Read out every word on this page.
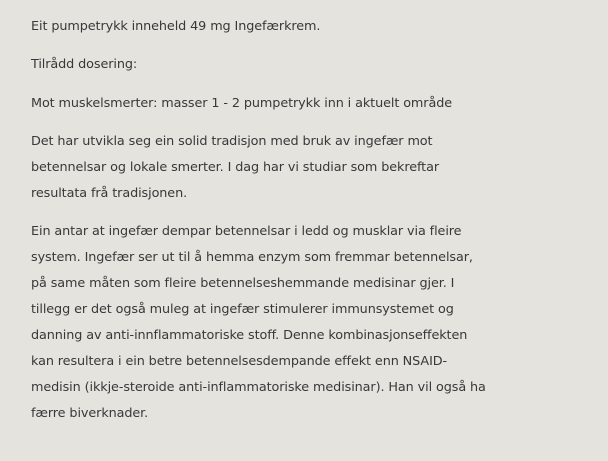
Eit pumpetrykk inneheld 49 mg Ingefærkrem.

Tilrådd dosering:

Mot muskelsmerter: masser 1 - 2 pumpetrykk inn i aktuelt område

Det har utvikla seg ein solid tradisjon med bruk av ingefær mot
betennelsar og lokale smerter. I dag har vi studiar som bekreftar
resultata frå tradisjonen.

Ein antar at ingefær dempar betennelsar i ledd og musklar via fleire
system. Ingefær ser ut til å hemma enzym som fremmar betennelsar,
på same måten som fleire betennelseshemmande medisinar gjer. I
tillegg er det også muleg at ingefær stimulerer immunsystemet og
danning av anti-innflammatoriske stoff. Denne kombinasjonseffekten
kan resultera i ein betre betennelsesdempande effekt enn NSAID-
medisin (ikkje-steroide anti-inflammatoriske medisinar). Han vil også ha
færre biverknader.
